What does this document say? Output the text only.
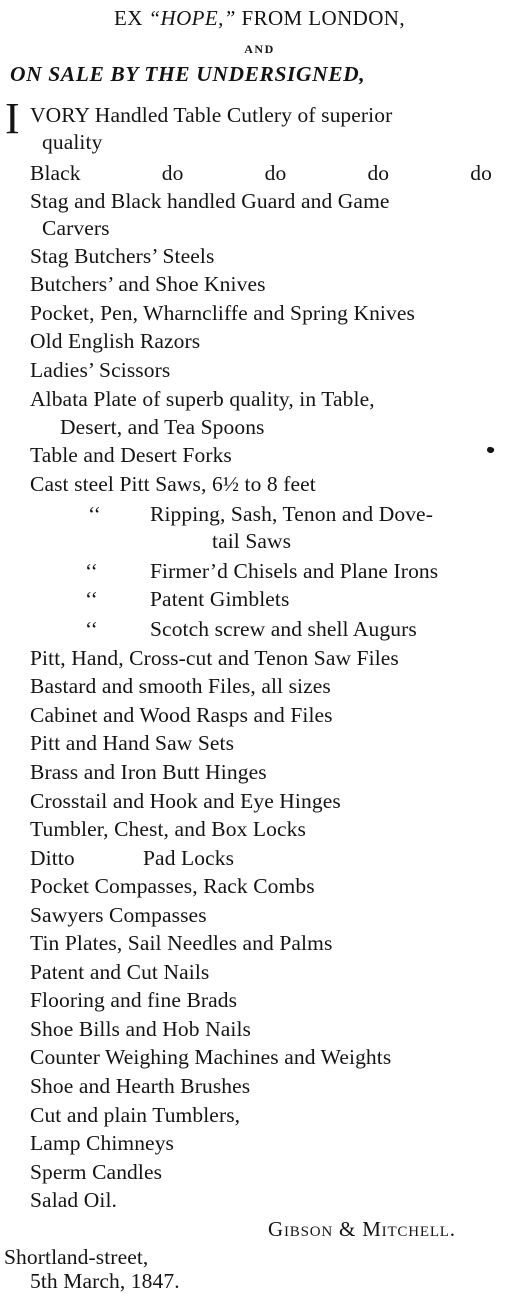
EX “HOPE,” FROM LONDON,
AND
ON SALE BY THE UNDERSIGNED,
I VORY Handled Table Cutlery of superior
quality
Black	do	do	do	do
Stag and Black handled Guard and Game
Carvers
Stag Butchers’ Steels
Butchers’ and Shoe Knives
Pocket, Pen, Wharncliffe and Spring Knives
Old English Razors
Ladies’ Scissors
Albata Plate of superb quality, in Table,
Desert, and Tea Spoons
Table and Desert Forks
Cast steel Pitt Saws, 6½ to 8 feet
‘‘ Ripping, Sash, Tenon and Dove-
tail Saws
‘‘ Firmer’d Chisels and Plane Irons
‘‘ Patent Gimblets
‘‘ Scotch screw and shell Augurs
Pitt, Hand, Cross-cut and Tenon Saw Files
Bastard and smooth Files, all sizes
Cabinet and Wood Rasps and Files
Pitt and Hand Saw Sets
Brass and Iron Butt Hinges
Crosstail and Hook and Eye Hinges
Tumbler, Chest, and Box Locks
Ditto	Pad Locks
Pocket Compasses, Rack Combs
Sawyers Compasses
Tin Plates, Sail Needles and Palms
Patent and Cut Nails
Flooring and fine Brads
Shoe Bills and Hob Nails
Counter Weighing Machines and Weights
Shoe and Hearth Brushes
Cut and plain Tumblers,
Lamp Chimneys
Sperm Candles
Salad Oil.
Gibson & Mitchell.
Shortland-street,
5th March, 1847.
